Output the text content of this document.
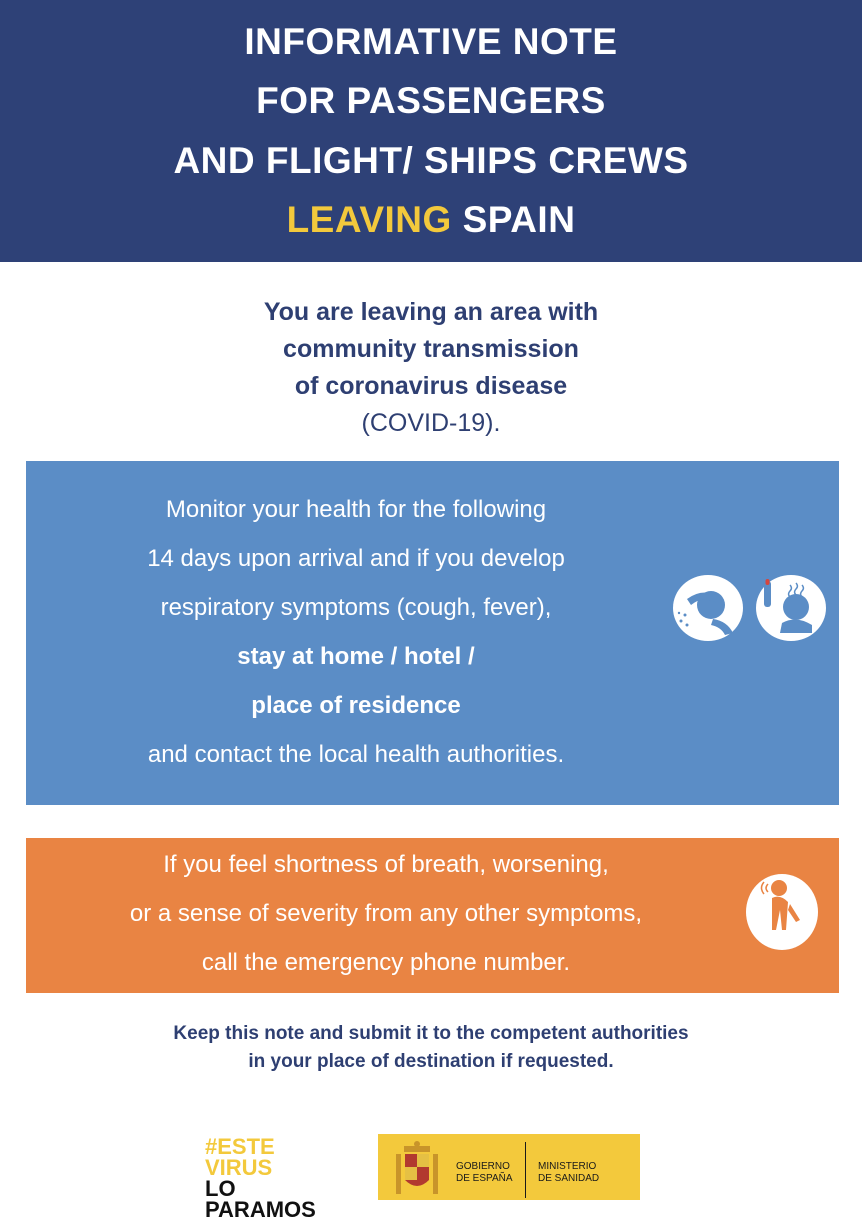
INFORMATIVE NOTE
FOR PASSENGERS
AND FLIGHT/ SHIPS CREWS
LEAVING SPAIN
You are leaving an area with
community transmission
of coronavirus disease
(COVID-19).
Monitor your health for the following
14 days upon arrival and if you develop
respiratory symptoms (cough, fever),
stay at home / hotel /
place of residence
and contact the local health authorities.
If you feel shortness of breath, worsening,
or a sense of severity from any other symptoms,
call the emergency phone number.
Keep this note and submit it to the competent authorities
in your place of destination if requested.
#ESTE
VIRUS
LO
PARAMOS
GOBIERNO
DE ESPAÑA
MINISTERIO
DE SANIDAD
